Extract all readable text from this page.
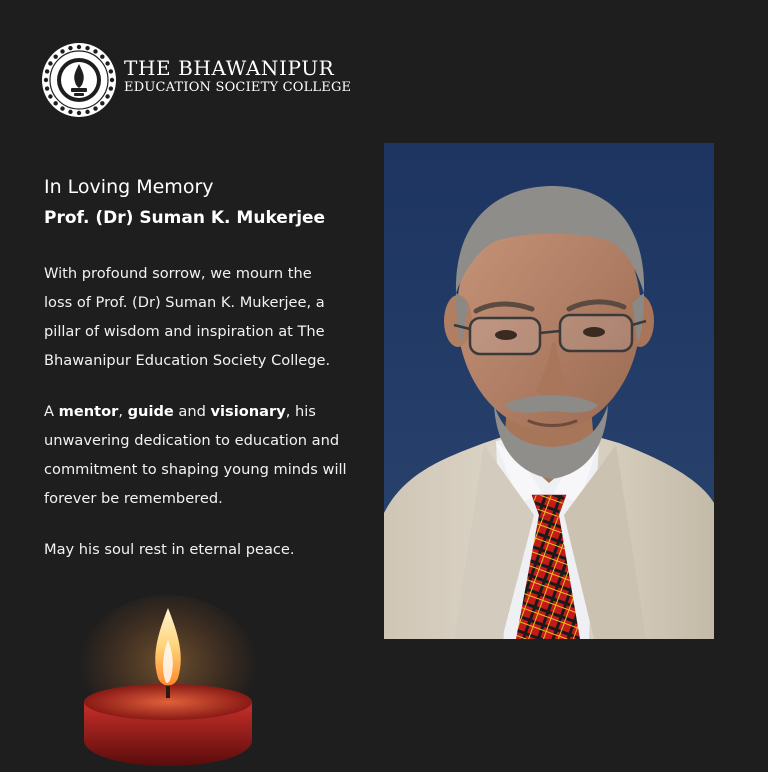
THE BHAWANIPUR
EDUCATION SOCIETY COLLEGE
In Loving Memory
Prof. (Dr) Suman K. Mukerjee
With profound sorrow, we mourn the
loss of Prof. (Dr) Suman K. Mukerjee, a
pillar of wisdom and inspiration at The
Bhawanipur Education Society College.
A mentor, guide and visionary, his
unwavering dedication to education and
commitment to shaping young minds will
forever be remembered.
May his soul rest in eternal peace.
